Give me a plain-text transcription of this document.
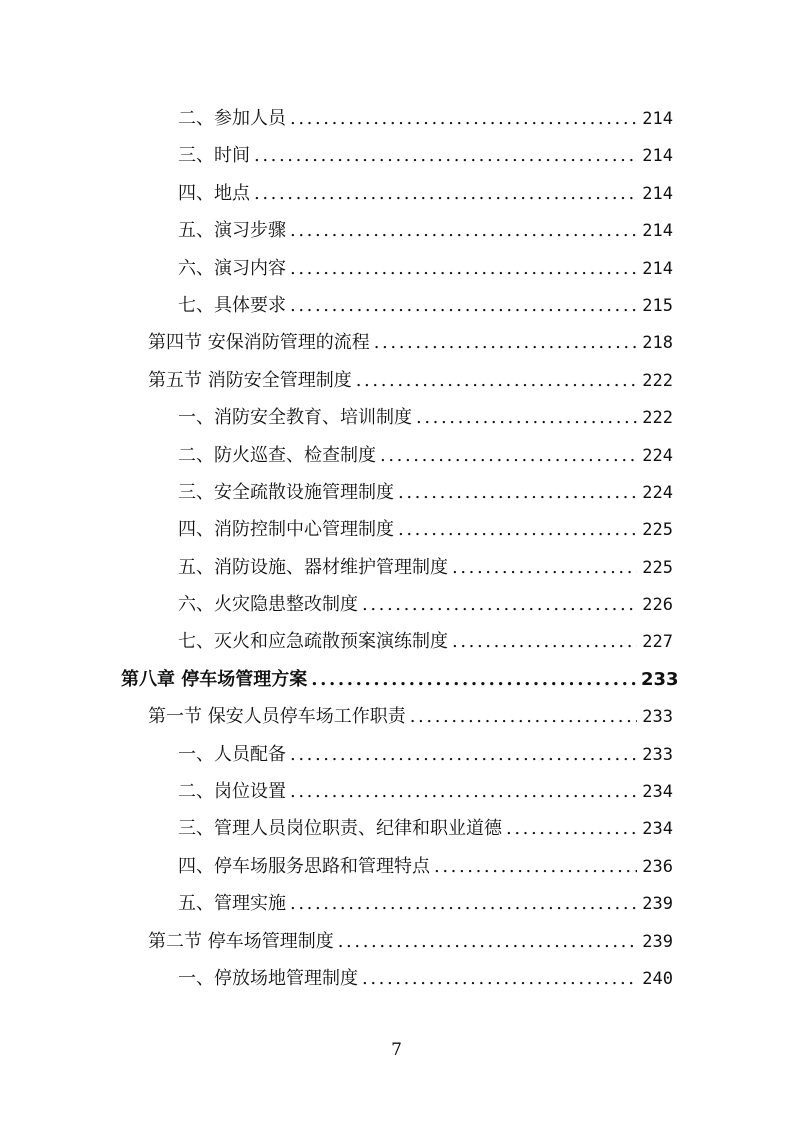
二、参加人员 .....	214
三、时间 .....	214
四、地点 .....	214
五、演习步骤 .....	214
六、演习内容 .....	214
七、具体要求 .....	215
第四节 安保消防管理的流程 .....	218
第五节 消防安全管理制度 .....	222
一、消防安全教育、培训制度 .....	222
二、防火巡查、检查制度 .....	224
三、安全疏散设施管理制度 .....	224
四、消防控制中心管理制度 .....	225
五、消防设施、器材维护管理制度 .....	225
六、火灾隐患整改制度 .....	226
七、灭火和应急疏散预案演练制度 .....	227
第八章 停车场管理方案 .....	233
第一节 保安人员停车场工作职责 .....	233
一、人员配备 .....	233
二、岗位设置 .....	234
三、管理人员岗位职责、纪律和职业道德 .....	234
四、停车场服务思路和管理特点 .....	236
五、管理实施 .....	239
第二节 停车场管理制度 .....	239
一、停放场地管理制度 .....	240
7
